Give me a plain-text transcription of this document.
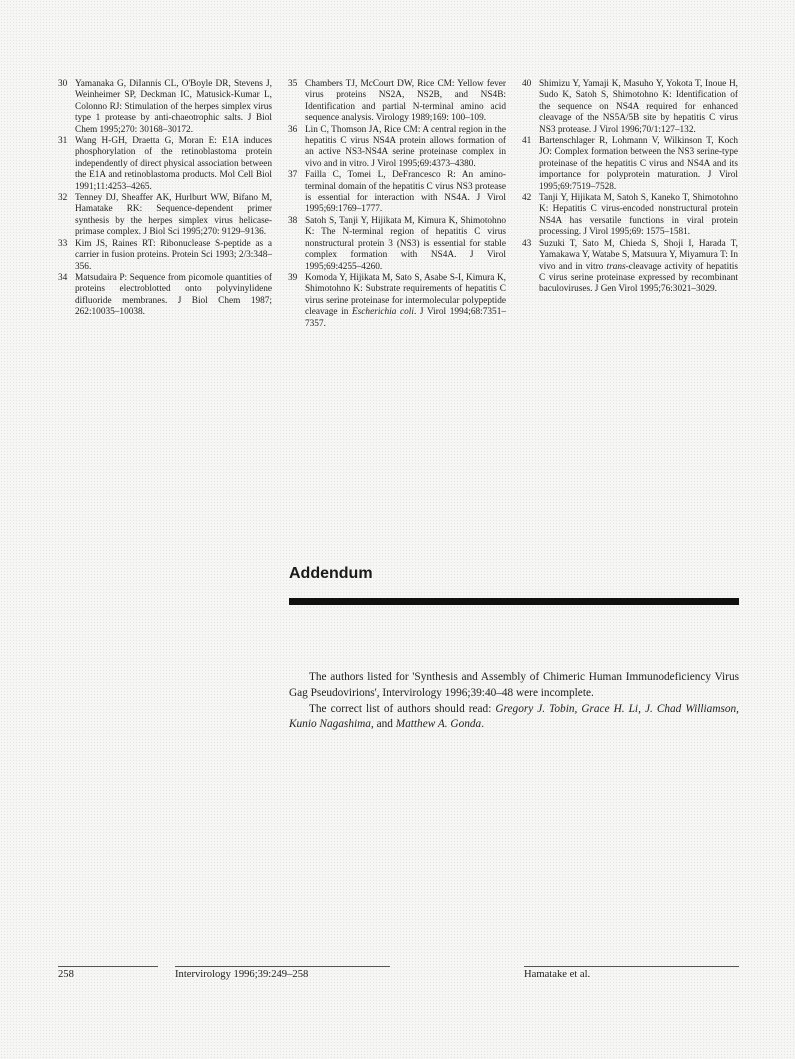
30 Yamanaka G, DiIannis CL, O'Boyle DR, Stevens J, Weinheimer SP, Deckman IC, Matusick-Kumar L, Colonno RJ: Stimulation of the herpes simplex virus type 1 protease by anti-chaeotrophic salts. J Biol Chem 1995;270: 30168–30172.
31 Wang H-GH, Draetta G, Moran E: E1A induces phosphorylation of the retinoblastoma protein independently of direct physical association between the E1A and retinoblastoma products. Mol Cell Biol 1991;11:4253–4265.
32 Tenney DJ, Sheaffer AK, Hurlburt WW, Bifano M, Hamatake RK: Sequence-dependent primer synthesis by the herpes simplex virus helicase-primase complex. J Biol Sci 1995;270: 9129–9136.
33 Kim JS, Raines RT: Ribonuclease S-peptide as a carrier in fusion proteins. Protein Sci 1993; 2/3:348–356.
34 Matsudaira P: Sequence from picomole quantities of proteins electroblotted onto polyvinylidene difluoride membranes. J Biol Chem 1987; 262:10035–10038.
35 Chambers TJ, McCourt DW, Rice CM: Yellow fever virus proteins NS2A, NS2B, and NS4B: Identification and partial N-terminal amino acid sequence analysis. Virology 1989;169: 100–109.
36 Lin C, Thomson JA, Rice CM: A central region in the hepatitis C virus NS4A protein allows formation of an active NS3-NS4A serine proteinase complex in vivo and in vitro. J Virol 1995;69:4373–4380.
37 Failla C, Tomei L, DeFrancesco R: An amino-terminal domain of the hepatitis C virus NS3 protease is essential for interaction with NS4A. J Virol 1995;69:1769–1777.
38 Satoh S, Tanji Y, Hijikata M, Kimura K, Shimotohno K: The N-terminal region of hepatitis C virus nonstructural protein 3 (NS3) is essential for stable complex formation with NS4A. J Virol 1995;69:4255–4260.
39 Komoda Y, Hijikata M, Sato S, Asabe S-I, Kimura K, Shimotohno K: Substrate requirements of hepatitis C virus serine proteinase for intermolecular polypeptide cleavage in Escherichia coli. J Virol 1994;68:7351–7357.
40 Shimizu Y, Yamaji K, Masuho Y, Yokota T, Inoue H, Sudo K, Satoh S, Shimotohno K: Identification of the sequence on NS4A required for enhanced cleavage of the NS5A/5B site by hepatitis C virus NS3 protease. J Virol 1996;70/1:127–132.
41 Bartenschlager R, Lohmann V, Wilkinson T, Koch JO: Complex formation between the NS3 serine-type proteinase of the hepatitis C virus and NS4A and its importance for polyprotein maturation. J Virol 1995;69:7519–7528.
42 Tanji Y, Hijikata M, Satoh S, Kaneko T, Shimotohno K: Hepatitis C virus-encoded nonstructural protein NS4A has versatile functions in viral protein processing. J Virol 1995;69: 1575–1581.
43 Suzuki T, Sato M, Chieda S, Shoji I, Harada T, Yamakawa Y, Watabe S, Matsuura Y, Miyamura T: In vivo and in vitro trans-cleavage activity of hepatitis C virus serine proteinase expressed by recombinant baculoviruses. J Gen Virol 1995;76:3021–3029.
Addendum

The authors listed for 'Synthesis and Assembly of Chimeric Human Immunodeficiency Virus Gag Pseudovirions', Intervirology 1996;39:40–48 were incomplete.

The correct list of authors should read: Gregory J. Tobin, Grace H. Li, J. Chad Williamson, Kunio Nagashima, and Matthew A. Gonda.

258	Intervirology 1996;39:249–258	Hamatake et al.
